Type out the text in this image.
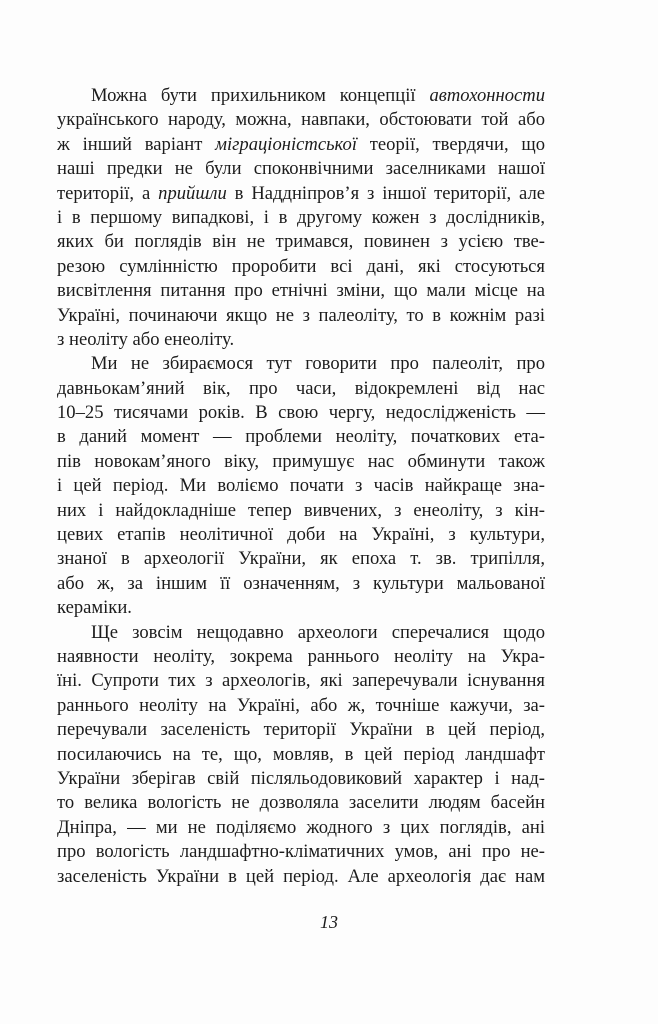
Можна бути прихильником концепції автохонности
українського народу, можна, навпаки, обстоювати той або
ж інший варіант міграціоністської теорії, твердячи, що
наші предки не були споконвічними заселниками нашої
території, а прийшли в Наддніпров’я з іншої території, але
і в першому випадкові, і в другому кожен з дослідників,
яких би поглядів він не тримався, повинен з усією тве-
резою сумлінністю проробити всі дані, які стосуються
висвітлення питання про етнічні зміни, що мали місце на
Україні, починаючи якщо не з палеоліту, то в кожнім разі
з неоліту або енеоліту.
Ми не збираємося тут говорити про палеоліт, про
давньокам’яний вік, про часи, відокремлені від нас
10–25 тисячами років. В свою чергу, недослідженість —
в даний момент — проблеми неоліту, початкових ета-
пів новокам’яного віку, примушує нас обминути також
і цей період. Ми воліємо почати з часів найкраще зна-
них і найдокладніше тепер вивчених, з енеоліту, з кін-
цевих етапів неолітичної доби на Україні, з культури,
знаної в археології України, як епоха т. зв. трипілля,
або ж, за іншим її означенням, з культури мальованої
кераміки.
Ще зовсім нещодавно археологи сперечалися щодо
наявности неоліту, зокрема раннього неоліту на Укра-
їні. Супроти тих з археологів, які заперечували існування
раннього неоліту на Україні, або ж, точніше кажучи, за-
перечували заселеність території України в цей період,
посилаючись на те, що, мовляв, в цей період ландшафт
України зберігав свій післяльодовиковий характер і над-
то велика вологість не дозволяла заселити людям басейн
Дніпра, — ми не поділяємо жодного з цих поглядів, ані
про вологість ландшафтно-кліматичних умов, ані про не-
заселеність України в цей період. Але археологія дає нам
13
